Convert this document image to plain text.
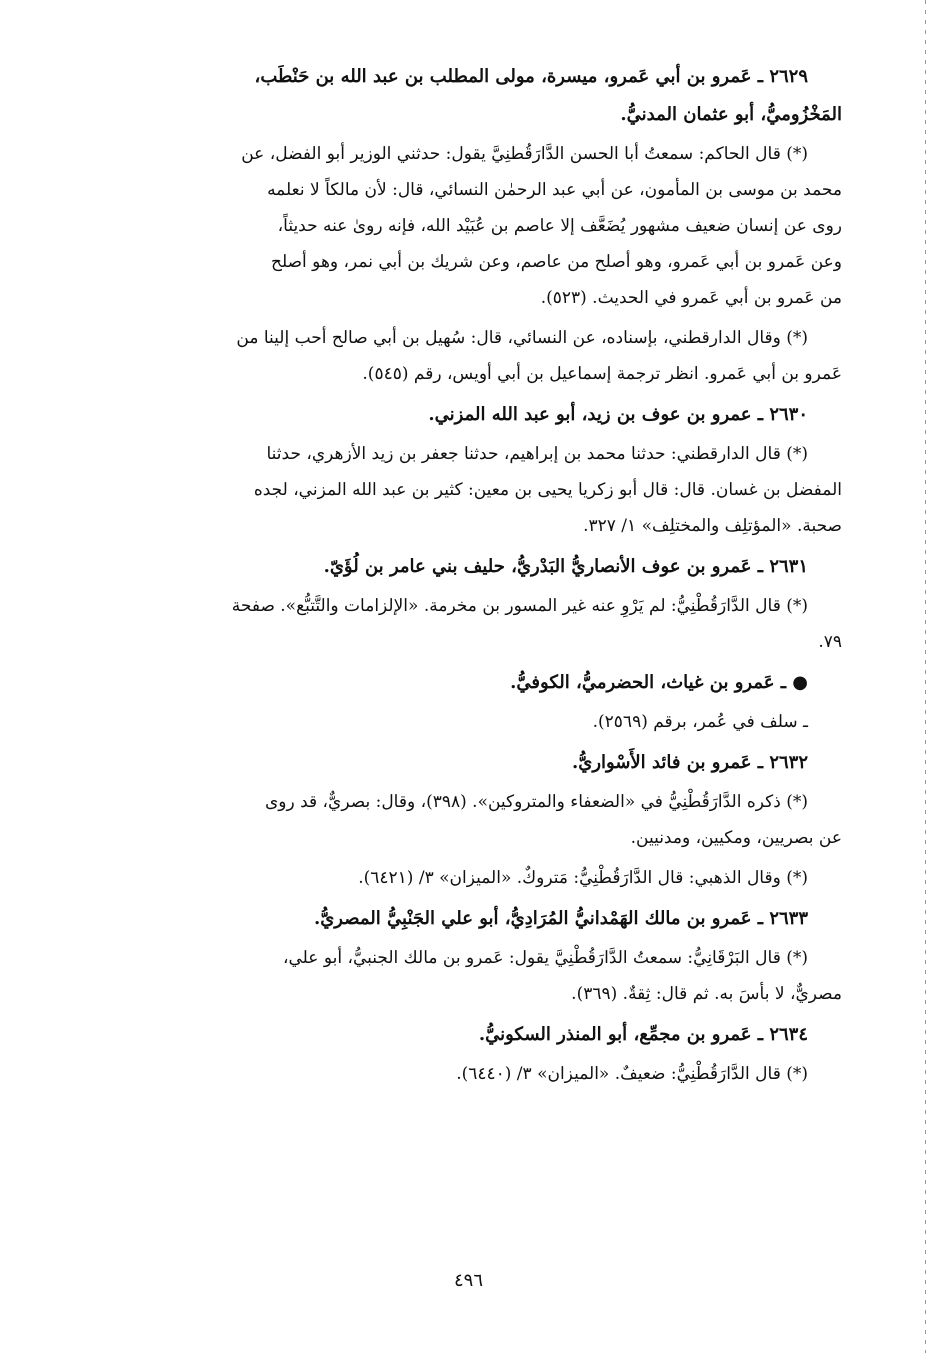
٢٦٢٩ ـ عَمرو بن أبي عَمرو، ميسرة، مولى المطلب بن عبد الله بن حَنْطَب،
المَخْزُوميُّ، أبو عثمان المدنيُّ.
(*) قال الحاكم: سمعتُ أبا الحسن الدَّارَقُطنِيَّ يقول: حدثني الوزير أبو الفضل، عن
محمد بن موسى بن المأمون، عن أبي عبد الرحمٰن النسائي، قال: لأن مالكاً لا نعلمه
روى عن إنسان ضعيف مشهور يُضَعَّف إلا عاصم بن عُبَيْد الله، فإنه روىٰ عنه حديثاً،
وعن عَمرو بن أبي عَمرو، وهو أصلح من عاصم، وعن شريك بن أبي نمر، وهو أصلح
من عَمرو بن أبي عَمرو في الحديث. (٥٢٣).
(*) وقال الدارقطني، بإسناده، عن النسائي، قال: سُهيل بن أبي صالح أحب إلينا من
عَمرو بن أبي عَمرو. انظر ترجمة إسماعيل بن أبي أويس، رقم (٥٤٥).
٢٦٣٠ ـ عمرو بن عوف بن زيد، أبو عبد الله المزني.
(*) قال الدارقطني: حدثنا محمد بن إبراهيم، حدثنا جعفر بن زيد الأزهري، حدثنا
المفضل بن غسان. قال: قال أبو زكريا يحيى بن معين: كثير بن عبد الله المزني، لجده
صحبة. «المؤتلِف والمختلِف» ١/ ٣٢٧.
٢٦٣١ ـ عَمرو بن عوف الأنصاريُّ البَدْريُّ، حليف بني عامر بن لُؤَيّ.
(*) قال الدَّارَقُطْنِيُّ: لم يَرْوِ عنه غير المسور بن مخرمة. «الإلزامات والتَّتبُّع». صفحة
٧٩.
● ـ عَمرو بن غياث، الحضرميُّ، الكوفيُّ.
ـ سلف في عُمر، برقم (٢٥٦٩).
٢٦٣٢ ـ عَمرو بن فائد الأَسْواريُّ.
(*) ذكره الدَّارَقُطْنِيُّ في «الضعفاء والمتروكين». (٣٩٨)، وقال: بصريٌّ، قد روى
عن بصريين، ومكيين، ومدنيين.
(*) وقال الذهبي: قال الدَّارَقُطْنِيُّ: مَتروكٌ. «الميزان» ٣/ (٦٤٢١).
٢٦٣٣ ـ عَمرو بن مالك الهَمْدانيُّ المُرَادِيُّ، أبو علي الجَنْبِيُّ المصريُّ.
(*) قال البَرْقَانِيُّ: سمعتُ الدَّارَقُطْنِيَّ يقول: عَمرو بن مالك الجنبيُّ، أبو علي،
مصريٌّ، لا بأسَ به. ثم قال: ثِقةٌ. (٣٦٩).
٢٦٣٤ ـ عَمرو بن مجمِّع، أبو المنذر السكونيُّ.
(*) قال الدَّارَقُطْنِيُّ: ضعيفٌ. «الميزان» ٣/ (٦٤٤٠).
٤٩٦
